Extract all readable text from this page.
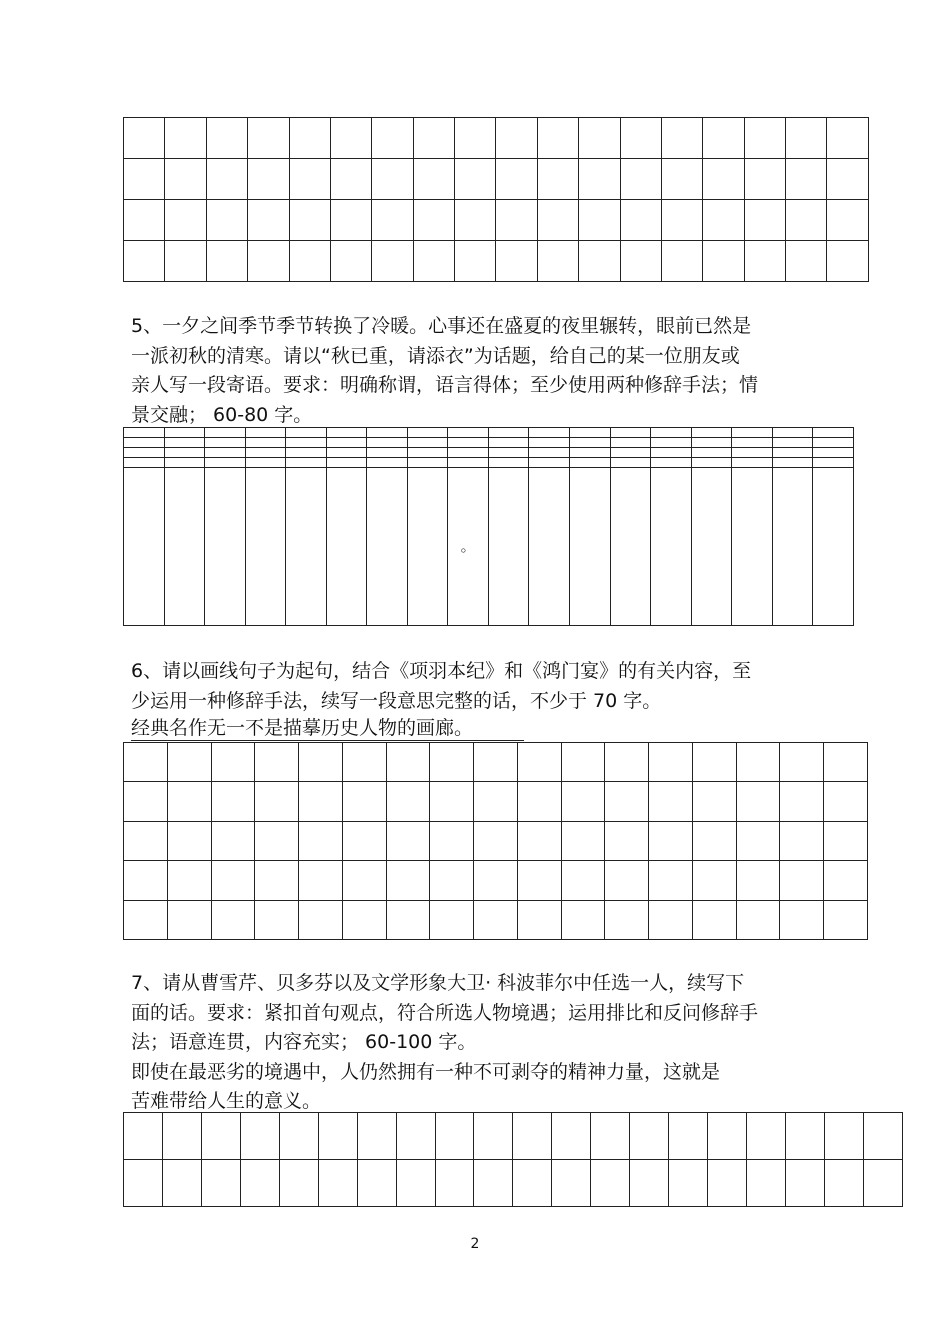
5、一夕之间季节季节转换了冷暖。心事还在盛夏的夜里辗转，眼前已然是
一派初秋的清寒。请以“秋已重，请添衣”为话题，给自己的某一位朋友或
亲人写一段寄语。要求：明确称谓，语言得体；至少使用两种修辞手法；情
景交融； 60-80 字。

								。									
6、请以画线句子为起句，结合《项羽本纪》和《鸿门宴》的有关内容，至
少运用一种修辞手法，续写一段意思完整的话，不少于 70 字。
经典名作无一不是描摹历史人物的画廊。

7、请从曹雪芹、贝多芬以及文学形象大卫· 科波菲尔中任选一人，续写下
面的话。要求：紧扣首句观点，符合所选人物境遇；运用排比和反问修辞手
法；语意连贯，内容充实； 60-100 字。
即使在最恶劣的境遇中，人仍然拥有一种不可剥夺的精神力量，这就是
苦难带给人生的意义。

2
